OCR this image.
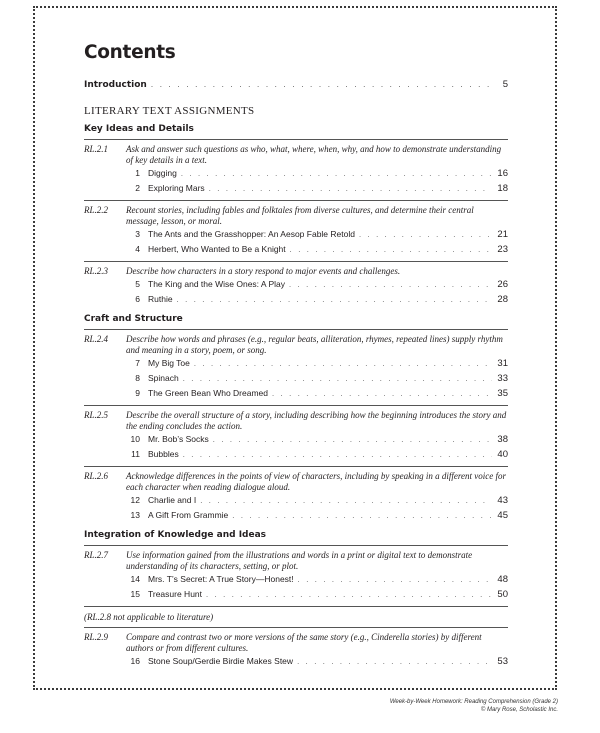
Contents
Introduction . . .	5
LITERARY TEXT ASSIGNMENTS
Key Ideas and Details
RL.2.1	Ask and answer such questions as who, what, where, when, why, and how to demonstrate understanding of key details in a text.
1 Digging . . .	16
2 Exploring Mars . . .	18
RL.2.2	Recount stories, including fables and folktales from diverse cultures, and determine their central message, lesson, or moral.
3 The Ants and the Grasshopper: An Aesop Fable Retold . . .	21
4 Herbert, Who Wanted to Be a Knight . . .	23
RL.2.3	Describe how characters in a story respond to major events and challenges.
5 The King and the Wise Ones: A Play . . .	26
6 Ruthie . . .	28
Craft and Structure
RL.2.4	Describe how words and phrases (e.g., regular beats, alliteration, rhymes, repeated lines) supply rhythm and meaning in a story, poem, or song.
7 My Big Toe . . .	31
8 Spinach . . .	33
9 The Green Bean Who Dreamed . . .	35
RL.2.5	Describe the overall structure of a story, including describing how the beginning introduces the story and the ending concludes the action.
10 Mr. Bob’s Socks . . .	38
11 Bubbles . . .	40
RL.2.6	Acknowledge differences in the points of view of characters, including by speaking in a different voice for each character when reading dialogue aloud.
12 Charlie and I . . .	43
13 A Gift From Grammie . . .	45
Integration of Knowledge and Ideas
RL.2.7	Use information gained from the illustrations and words in a print or digital text to demonstrate understanding of its characters, setting, or plot.
14 Mrs. T’s Secret: A True Story—Honest! . . .	48
15 Treasure Hunt . . .	50
(RL.2.8 not applicable to literature)
RL.2.9	Compare and contrast two or more versions of the same story (e.g., Cinderella stories) by different authors or from different cultures.
16 Stone Soup/Gerdie Birdie Makes Stew . . .	53
Week-by-Week Homework: Reading Comprehension (Grade 2)
© Mary Rose, Scholastic Inc.
